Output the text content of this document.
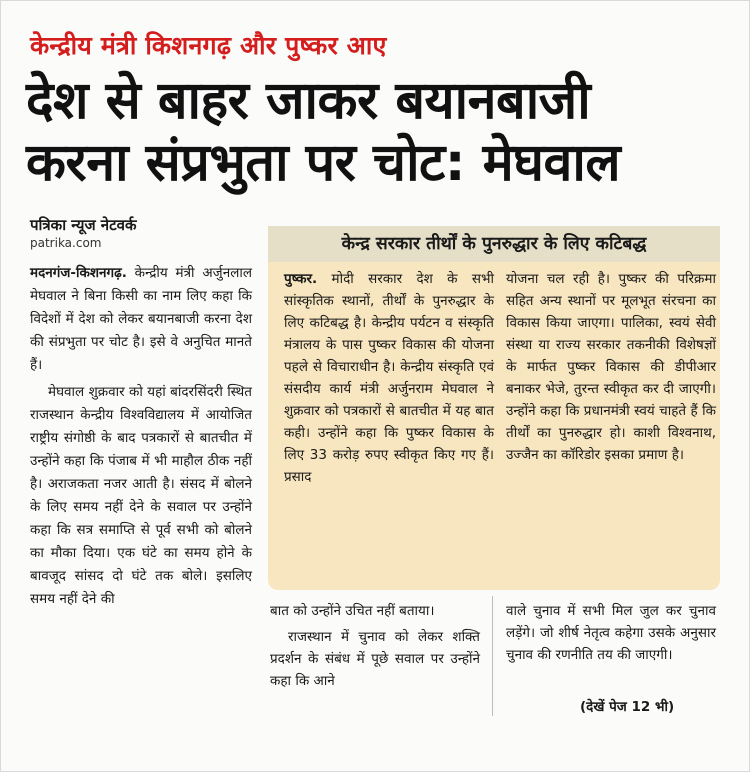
केन्द्रीय मंत्री किशनगढ़ और पुष्कर आए
देश से बाहर जाकर बयानबाजी
करना संप्रभुता पर चोट: मेघवाल
पत्रिका न्यूज नेटवर्क
patrika.com

मदनगंज-किशनगढ़. केन्द्रीय मंत्री अर्जुनलाल मेघवाल ने बिना किसी का नाम लिए कहा कि विदेशों में देश को लेकर बयानबाजी करना देश की संप्रभुता पर चोट है। इसे वे अनुचित मानते हैं।

मेघवाल शुक्रवार को यहां बांदरसिंदरी स्थित राजस्थान केन्द्रीय विश्वविद्यालय में आयोजित राष्ट्रीय संगोष्ठी के बाद पत्रकारों से बातचीत में उन्होंने कहा कि पंजाब में भी माहौल ठीक नहीं है। अराजकता नजर आती है। संसद में बोलने के लिए समय नहीं देने के सवाल पर उन्होंने कहा कि सत्र समाप्ति से पूर्व सभी को बोलने का मौका दिया। एक घंटे का समय होने के बावजूद सांसद दो घंटे तक बोले। इसलिए समय नहीं देने की

केन्द्र सरकार तीर्थों के पुनरुद्धार के लिए कटिबद्ध

पुष्कर. मोदी सरकार देश के सभी सांस्कृतिक स्थानों, तीर्थों के पुनरुद्धार के लिए कटिबद्ध है। केन्द्रीय पर्यटन व संस्कृति मंत्रालय के पास पुष्कर विकास की योजना पहले से विचाराधीन है। केन्द्रीय संस्कृति एवं संसदीय कार्य मंत्री अर्जुनराम मेघवाल ने शुक्रवार को पत्रकारों से बातचीत में यह बात कही। उन्होंने कहा कि पुष्कर विकास के लिए 33 करोड़ रुपए स्वीकृत किए गए हैं। प्रसाद

योजना चल रही है। पुष्कर की परिक्रमा सहित अन्य स्थानों पर मूलभूत संरचना का विकास किया जाएगा। पालिका, स्वयं सेवी संस्था या राज्य सरकार तकनीकी विशेषज्ञों के मार्फत पुष्कर विकास की डीपीआर बनाकर भेजे, तुरन्त स्वीकृत कर दी जाएगी। उन्होंने कहा कि प्रधानमंत्री स्वयं चाहते हैं कि तीर्थों का पुनरुद्धार हो। काशी विश्वनाथ, उज्जैन का कॉरिडोर इसका प्रमाण है।

बात को उन्होंने उचित नहीं बताया।

राजस्थान में चुनाव को लेकर शक्ति प्रदर्शन के संबंध में पूछे सवाल पर उन्होंने कहा कि आने

वाले चुनाव में सभी मिल जुल कर चुनाव लड़ेंगे। जो शीर्ष नेतृत्व कहेगा उसके अनुसार चुनाव की रणनीति तय की जाएगी।

(देखें पेज 12 भी)
